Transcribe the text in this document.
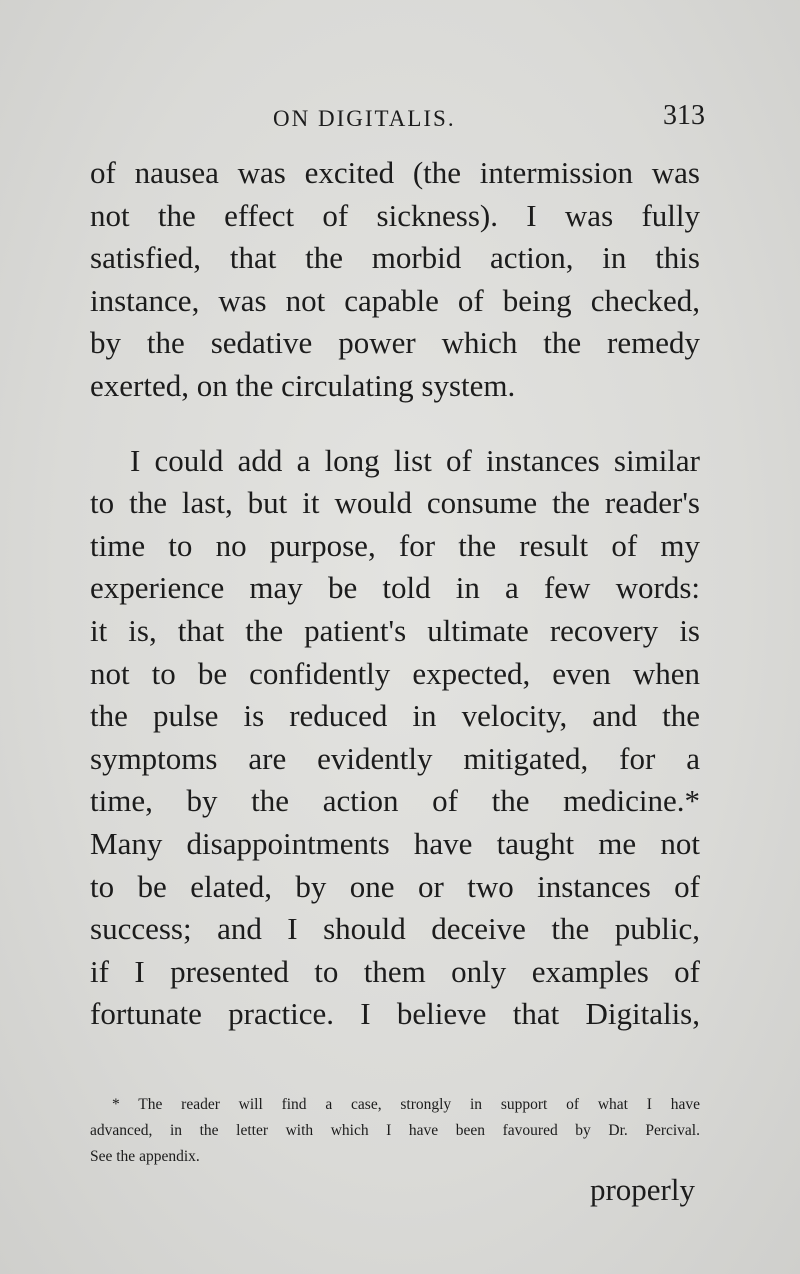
ON DIGITALIS.	313
of nausea was excited (the intermission was
not the effect of sickness). I was fully
satisfied, that the morbid action, in this
instance, was not capable of being checked,
by the sedative power which the remedy
exerted, on the circulating system.
I could add a long list of instances similar
to the last, but it would consume the reader's
time to no purpose, for the result of my
experience may be told in a few words:
it is, that the patient's ultimate recovery is
not to be confidently expected, even when
the pulse is reduced in velocity, and the
symptoms are evidently mitigated, for a
time, by the action of the medicine.*
Many disappointments have taught me not
to be elated, by one or two instances of
success; and I should deceive the public,
if I presented to them only examples of
fortunate practice. I believe that Digitalis,
* The reader will find a case, strongly in support of what I have
advanced, in the letter with which I have been favoured by Dr. Percival.
See the appendix.
properly
